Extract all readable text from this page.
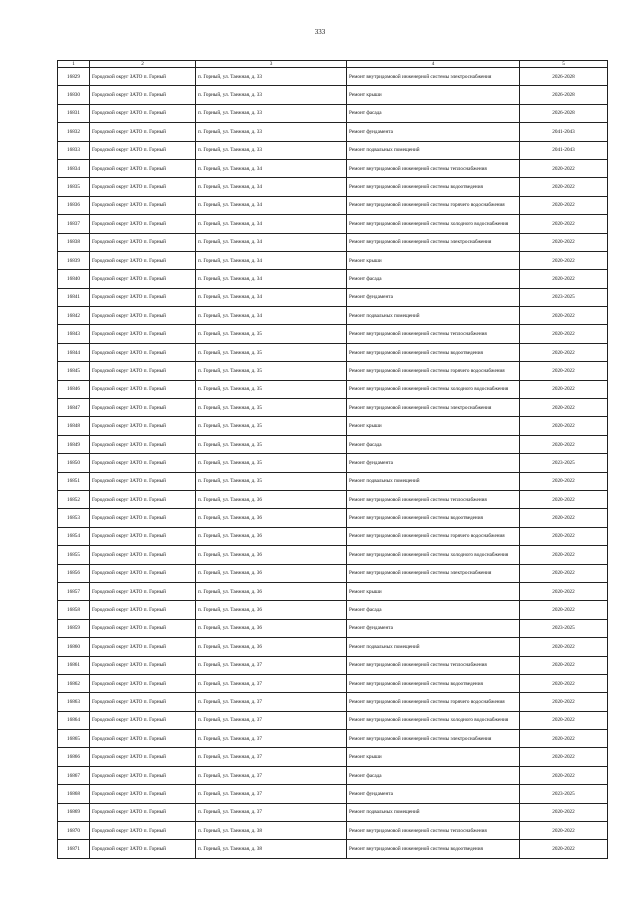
333
1	2	3	4	5
16829	Городской округ ЗАТО п. Горный	п. Горный, ул. Таежная, д. 33	Ремонт внутридомовой инженерной системы электроснабжения	2026-2028
16830	Городской округ ЗАТО п. Горный	п. Горный, ул. Таежная, д. 33	Ремонт крыши	2026-2028
16831	Городской округ ЗАТО п. Горный	п. Горный, ул. Таежная, д. 33	Ремонт фасада	2026-2028
16832	Городской округ ЗАТО п. Горный	п. Горный, ул. Таежная, д. 33	Ремонт фундамента	2041-2043
16833	Городской округ ЗАТО п. Горный	п. Горный, ул. Таежная, д. 33	Ремонт подвальных помещений	2041-2043
16834	Городской округ ЗАТО п. Горный	п. Горный, ул. Таежная, д. 34	Ремонт внутридомовой инженерной системы теплоснабжения	2020-2022
16835	Городской округ ЗАТО п. Горный	п. Горный, ул. Таежная, д. 34	Ремонт внутридомовой инженерной системы водоотведения	2020-2022
16836	Городской округ ЗАТО п. Горный	п. Горный, ул. Таежная, д. 34	Ремонт внутридомовой инженерной системы горячего водоснабжения	2020-2022
16837	Городской округ ЗАТО п. Горный	п. Горный, ул. Таежная, д. 34	Ремонт внутридомовой инженерной системы холодного водоснабжения	2020-2022
16838	Городской округ ЗАТО п. Горный	п. Горный, ул. Таежная, д. 34	Ремонт внутридомовой инженерной системы электроснабжения	2020-2022
16839	Городской округ ЗАТО п. Горный	п. Горный, ул. Таежная, д. 34	Ремонт крыши	2020-2022
16840	Городской округ ЗАТО п. Горный	п. Горный, ул. Таежная, д. 34	Ремонт фасада	2020-2022
16841	Городской округ ЗАТО п. Горный	п. Горный, ул. Таежная, д. 34	Ремонт фундамента	2023-2025
16842	Городской округ ЗАТО п. Горный	п. Горный, ул. Таежная, д. 34	Ремонт подвальных помещений	2020-2022
16843	Городской округ ЗАТО п. Горный	п. Горный, ул. Таежная, д. 35	Ремонт внутридомовой инженерной системы теплоснабжения	2020-2022
16844	Городской округ ЗАТО п. Горный	п. Горный, ул. Таежная, д. 35	Ремонт внутридомовой инженерной системы водоотведения	2020-2022
16845	Городской округ ЗАТО п. Горный	п. Горный, ул. Таежная, д. 35	Ремонт внутридомовой инженерной системы горячего водоснабжения	2020-2022
16846	Городской округ ЗАТО п. Горный	п. Горный, ул. Таежная, д. 35	Ремонт внутридомовой инженерной системы холодного водоснабжения	2020-2022
16847	Городской округ ЗАТО п. Горный	п. Горный, ул. Таежная, д. 35	Ремонт внутридомовой инженерной системы электроснабжения	2020-2022
16848	Городской округ ЗАТО п. Горный	п. Горный, ул. Таежная, д. 35	Ремонт крыши	2020-2022
16849	Городской округ ЗАТО п. Горный	п. Горный, ул. Таежная, д. 35	Ремонт фасада	2020-2022
16850	Городской округ ЗАТО п. Горный	п. Горный, ул. Таежная, д. 35	Ремонт фундамента	2023-2025
16851	Городской округ ЗАТО п. Горный	п. Горный, ул. Таежная, д. 35	Ремонт подвальных помещений	2020-2022
16852	Городской округ ЗАТО п. Горный	п. Горный, ул. Таежная, д. 36	Ремонт внутридомовой инженерной системы теплоснабжения	2020-2022
16853	Городской округ ЗАТО п. Горный	п. Горный, ул. Таежная, д. 36	Ремонт внутридомовой инженерной системы водоотведения	2020-2022
16854	Городской округ ЗАТО п. Горный	п. Горный, ул. Таежная, д. 36	Ремонт внутридомовой инженерной системы горячего водоснабжения	2020-2022
16855	Городской округ ЗАТО п. Горный	п. Горный, ул. Таежная, д. 36	Ремонт внутридомовой инженерной системы холодного водоснабжения	2020-2022
16856	Городской округ ЗАТО п. Горный	п. Горный, ул. Таежная, д. 36	Ремонт внутридомовой инженерной системы электроснабжения	2020-2022
16857	Городской округ ЗАТО п. Горный	п. Горный, ул. Таежная, д. 36	Ремонт крыши	2020-2022
16858	Городской округ ЗАТО п. Горный	п. Горный, ул. Таежная, д. 36	Ремонт фасада	2020-2022
16859	Городской округ ЗАТО п. Горный	п. Горный, ул. Таежная, д. 36	Ремонт фундамента	2023-2025
16860	Городской округ ЗАТО п. Горный	п. Горный, ул. Таежная, д. 36	Ремонт подвальных помещений	2020-2022
16861	Городской округ ЗАТО п. Горный	п. Горный, ул. Таежная, д. 37	Ремонт внутридомовой инженерной системы теплоснабжения	2020-2022
16862	Городской округ ЗАТО п. Горный	п. Горный, ул. Таежная, д. 37	Ремонт внутридомовой инженерной системы водоотведения	2020-2022
16863	Городской округ ЗАТО п. Горный	п. Горный, ул. Таежная, д. 37	Ремонт внутридомовой инженерной системы горячего водоснабжения	2020-2022
16864	Городской округ ЗАТО п. Горный	п. Горный, ул. Таежная, д. 37	Ремонт внутридомовой инженерной системы холодного водоснабжения	2020-2022
16865	Городской округ ЗАТО п. Горный	п. Горный, ул. Таежная, д. 37	Ремонт внутридомовой инженерной системы электроснабжения	2020-2022
16866	Городской округ ЗАТО п. Горный	п. Горный, ул. Таежная, д. 37	Ремонт крыши	2020-2022
16867	Городской округ ЗАТО п. Горный	п. Горный, ул. Таежная, д. 37	Ремонт фасада	2020-2022
16868	Городской округ ЗАТО п. Горный	п. Горный, ул. Таежная, д. 37	Ремонт фундамента	2023-2025
16869	Городской округ ЗАТО п. Горный	п. Горный, ул. Таежная, д. 37	Ремонт подвальных помещений	2020-2022
16870	Городской округ ЗАТО п. Горный	п. Горный, ул. Таежная, д. 38	Ремонт внутридомовой инженерной системы теплоснабжения	2020-2022
16871	Городской округ ЗАТО п. Горный	п. Горный, ул. Таежная, д. 38	Ремонт внутридомовой инженерной системы водоотведения	2020-2022
